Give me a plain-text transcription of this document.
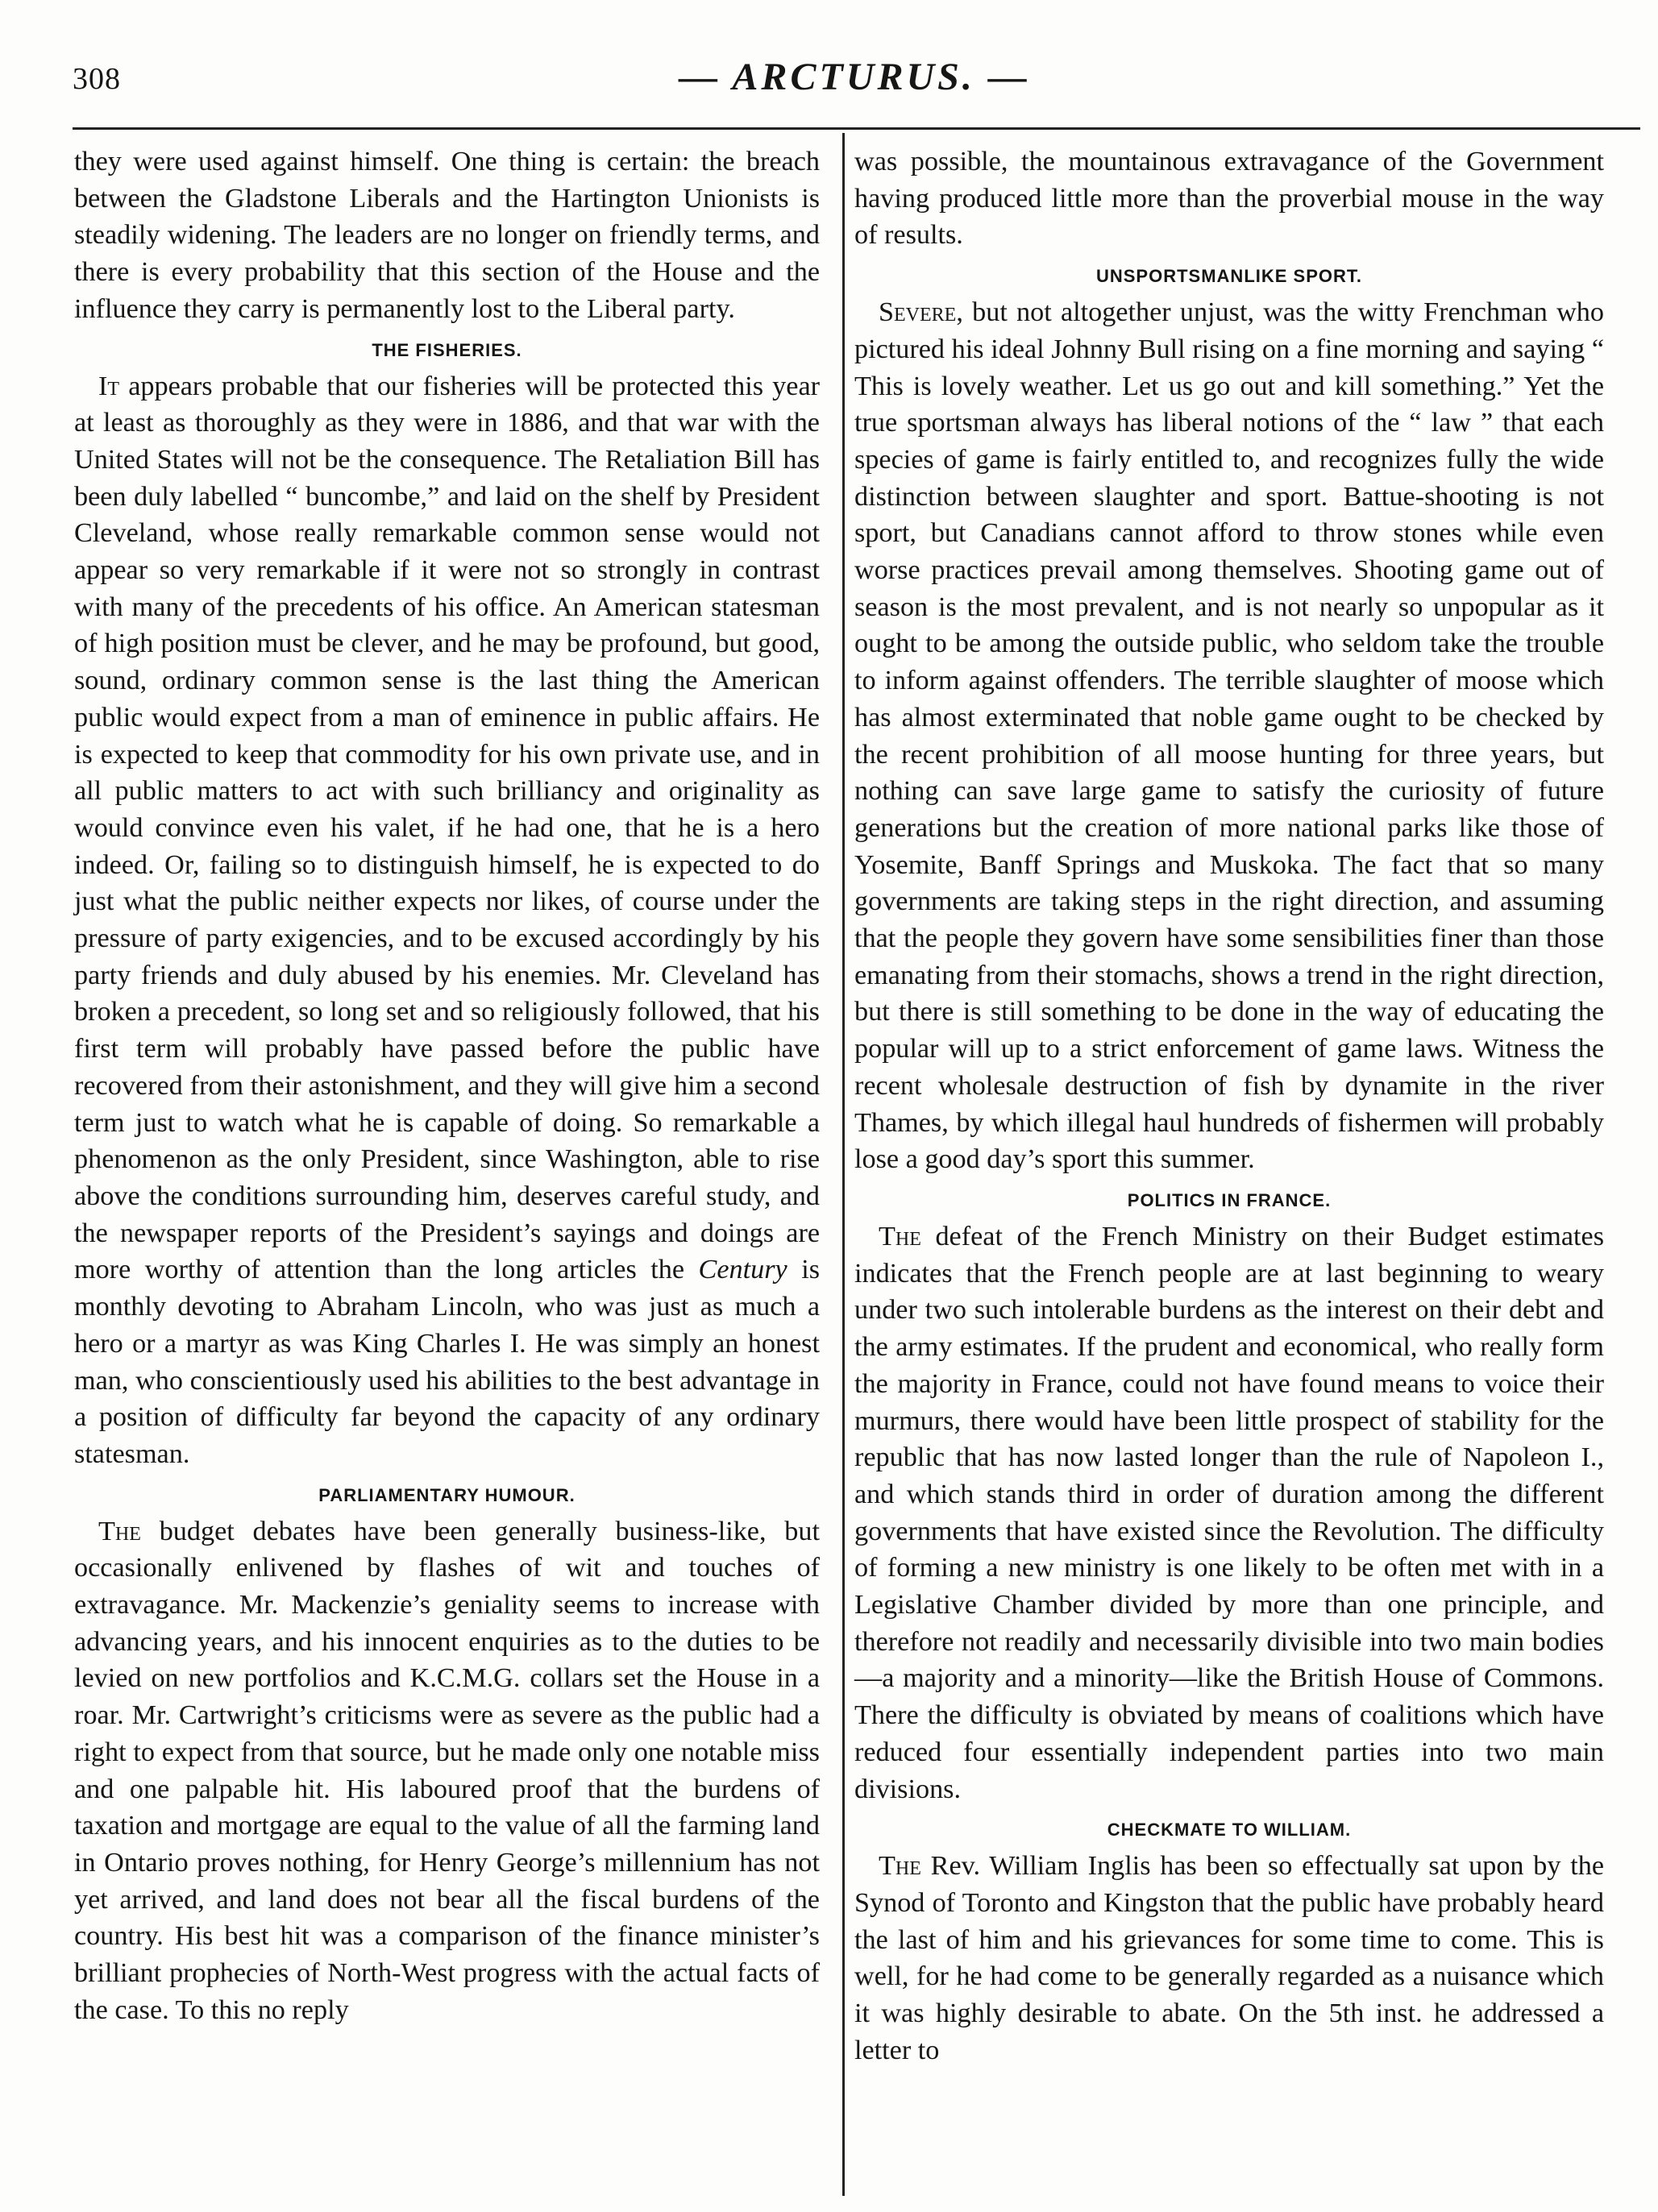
308	— ARCTURUS. —

they were used against himself. One thing is certain: the breach between the Gladstone Liberals and the Hartington Unionists is steadily widening. The leaders are no longer on friendly terms, and there is every probability that this section of the House and the influence they carry is permanently lost to the Liberal party.

THE FISHERIES.

It appears probable that our fisheries will be protected this year at least as thoroughly as they were in 1886, and that war with the United States will not be the consequence. The Retaliation Bill has been duly labelled “ buncombe,” and laid on the shelf by President Cleveland, whose really remarkable common sense would not appear so very remarkable if it were not so strongly in contrast with many of the precedents of his office. An American statesman of high position must be clever, and he may be profound, but good, sound, ordinary common sense is the last thing the American public would expect from a man of eminence in public affairs. He is expected to keep that commodity for his own private use, and in all public matters to act with such brilliancy and originality as would convince even his valet, if he had one, that he is a hero indeed. Or, failing so to distinguish himself, he is expected to do just what the public neither expects nor likes, of course under the pressure of party exigencies, and to be excused accordingly by his party friends and duly abused by his enemies. Mr. Cleveland has broken a precedent, so long set and so religiously followed, that his first term will probably have passed before the public have recovered from their astonishment, and they will give him a second term just to watch what he is capable of doing. So remarkable a phenomenon as the only President, since Washington, able to rise above the conditions surrounding him, deserves careful study, and the newspaper reports of the President’s sayings and doings are more worthy of attention than the long articles the Century is monthly devoting to Abraham Lincoln, who was just as much a hero or a martyr as was King Charles I. He was simply an honest man, who conscientiously used his abilities to the best advantage in a position of difficulty far beyond the capacity of any ordinary statesman.

PARLIAMENTARY HUMOUR.

The budget debates have been generally business-like, but occasionally enlivened by flashes of wit and touches of extravagance. Mr. Mackenzie’s geniality seems to increase with advancing years, and his innocent enquiries as to the duties to be levied on new portfolios and K.C.M.G. collars set the House in a roar. Mr. Cartwright’s criticisms were as severe as the public had a right to expect from that source, but he made only one notable miss and one palpable hit. His laboured proof that the burdens of taxation and mortgage are equal to the value of all the farming land in Ontario proves nothing, for Henry George’s millennium has not yet arrived, and land does not bear all the fiscal burdens of the country. His best hit was a comparison of the finance minister’s brilliant prophecies of North-West progress with the actual facts of the case. To this no reply

was possible, the mountainous extravagance of the Government having produced little more than the proverbial mouse in the way of results.

UNSPORTSMANLIKE SPORT.

Severe, but not altogether unjust, was the witty Frenchman who pictured his ideal Johnny Bull rising on a fine morning and saying “ This is lovely weather. Let us go out and kill something.” Yet the true sportsman always has liberal notions of the “ law ” that each species of game is fairly entitled to, and recognizes fully the wide distinction between slaughter and sport. Battue-shooting is not sport, but Canadians cannot afford to throw stones while even worse practices prevail among themselves. Shooting game out of season is the most prevalent, and is not nearly so unpopular as it ought to be among the outside public, who seldom take the trouble to inform against offenders. The terrible slaughter of moose which has almost exterminated that noble game ought to be checked by the recent prohibition of all moose hunting for three years, but nothing can save large game to satisfy the curiosity of future generations but the creation of more national parks like those of Yosemite, Banff Springs and Muskoka. The fact that so many governments are taking steps in the right direction, and assuming that the people they govern have some sensibilities finer than those emanating from their stomachs, shows a trend in the right direction, but there is still something to be done in the way of educating the popular will up to a strict enforcement of game laws. Witness the recent wholesale destruction of fish by dynamite in the river Thames, by which illegal haul hundreds of fishermen will probably lose a good day’s sport this summer.

POLITICS IN FRANCE.

The defeat of the French Ministry on their Budget estimates indicates that the French people are at last beginning to weary under two such intolerable burdens as the interest on their debt and the army estimates. If the prudent and economical, who really form the majority in France, could not have found means to voice their murmurs, there would have been little prospect of stability for the republic that has now lasted longer than the rule of Napoleon I., and which stands third in order of duration among the different governments that have existed since the Revolution. The difficulty of forming a new ministry is one likely to be often met with in a Legislative Chamber divided by more than one principle, and therefore not readily and necessarily divisible into two main bodies—a majority and a minority—like the British House of Commons. There the difficulty is obviated by means of coalitions which have reduced four essentially independent parties into two main divisions.

CHECKMATE TO WILLIAM.

The Rev. William Inglis has been so effectually sat upon by the Synod of Toronto and Kingston that the public have probably heard the last of him and his grievances for some time to come. This is well, for he had come to be generally regarded as a nuisance which it was highly desirable to abate. On the 5th inst. he addressed a letter to
